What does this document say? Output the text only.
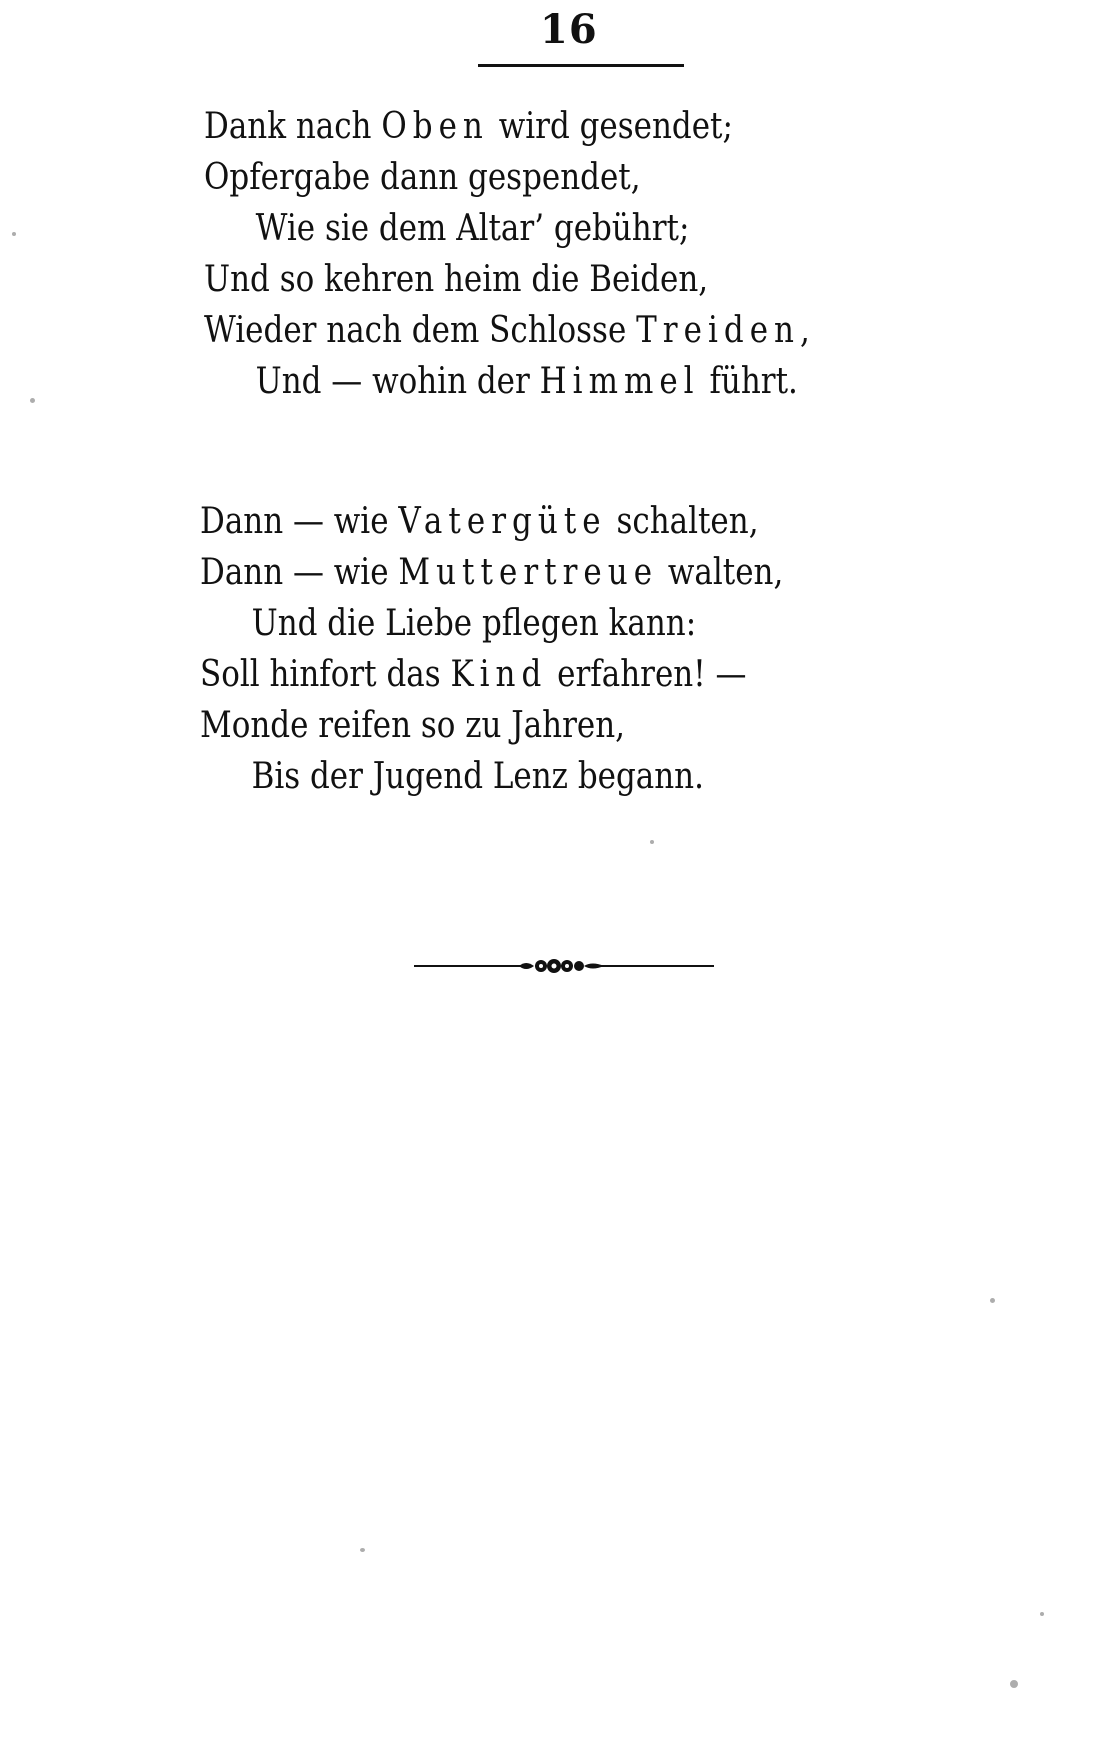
16
Dank nach Oben wird gesendet;
Opfergabe dann gespendet,
Wie sie dem Altar’ gebührt;
Und so kehren heim die Beiden,
Wieder nach dem Schlosse Treiden,
Und — wohin der Himmel führt.
Dann — wie Vatergüte schalten,
Dann — wie Muttertreue walten,
Und die Liebe pflegen kann:
Soll hinfort das Kind erfahren! —
Monde reifen so zu Jahren,
Bis der Jugend Lenz begann.
